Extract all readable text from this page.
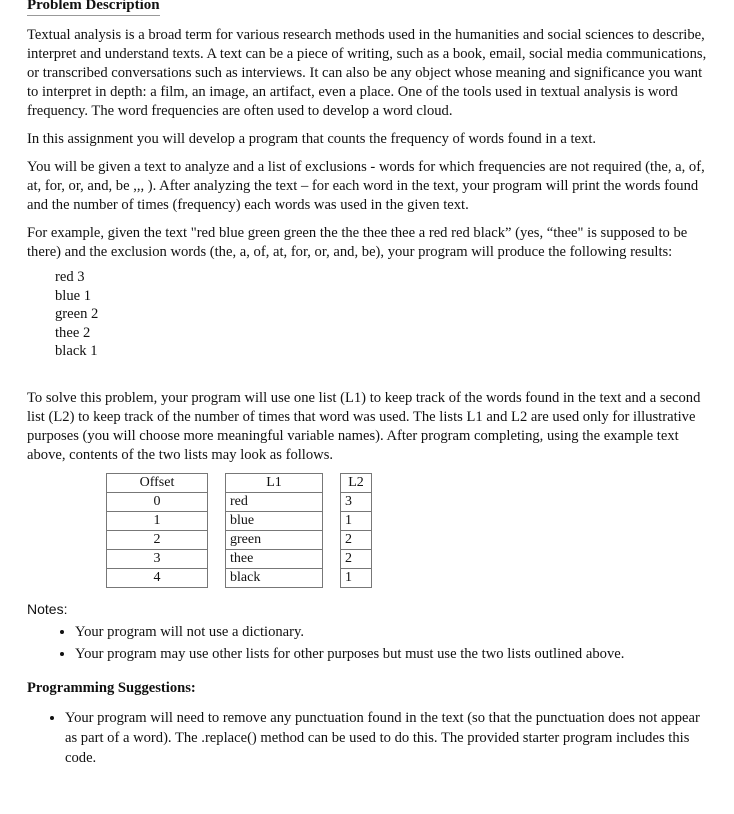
Problem Description

Textual analysis is a broad term for various research methods used in the humanities and social sciences to describe, interpret and understand texts. A text can be a piece of writing, such as a book, email, social media communications, or transcribed conversations such as interviews. It can also be any object whose meaning and significance you want to interpret in depth: a film, an image, an artifact, even a place. One of the tools used in textual analysis is word frequency. The word frequencies are often used to develop a word cloud.

In this assignment you will develop a program that counts the frequency of words found in a text.

You will be given a text to analyze and a list of exclusions - words for which frequencies are not required (the, a, of, at, for, or, and, be ,,, ). After analyzing the text – for each word in the text, your program will print the words found and the number of times (frequency) each words was used in the given text.

For example, given the text "red blue green green the the thee thee a red red black” (yes, “thee" is supposed to be there) and the exclusion words (the, a, of, at, for, or, and, be), your program will produce the following results:

red 3
blue 1
green 2
thee 2
black 1

To solve this problem, your program will use one list (L1) to keep track of the words found in the text and a second list (L2) to keep track of the number of times that word was used. The lists L1 and L2 are used only for illustrative purposes (you will choose more meaningful variable names). After program completing, using the example text above, contents of the two lists may look as follows.

Offset		L1		L2
0		red		3
1		blue		1
2		green		2
3		thee		2
4		black		1
Notes:
• Your program will not use a dictionary.
• Your program may use other lists for other purposes but must use the two lists outlined above.
Programming Suggestions:
• Your program will need to remove any punctuation found in the text (so that the punctuation does not appear as part of a word). The .replace() method can be used to do this. The provided starter program includes this code.
